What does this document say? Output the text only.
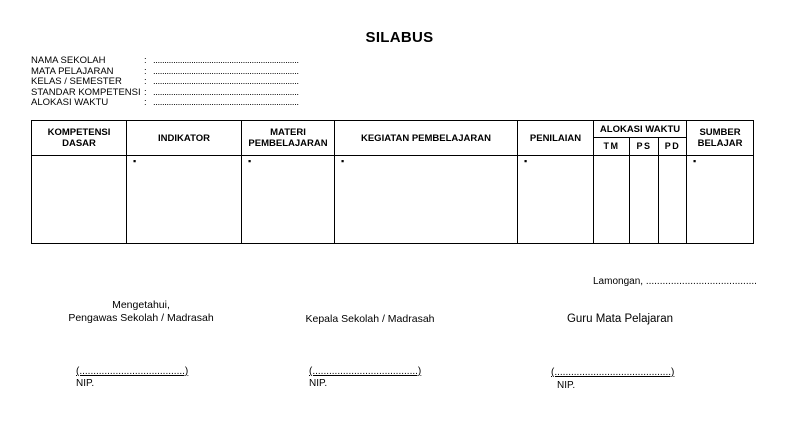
SILABUS
NAMA SEKOLAH	: .................................................................
MATA PELAJARAN	: .................................................................
KELAS / SEMESTER : .................................................................
STANDAR KOMPETENSI : .................................................................
ALOKASI WAKTU	: .................................................................
KOMPETENSI DASAR	INDIKATOR	MATERI PEMBELAJARAN	KEGIATAN PEMBELAJARAN	PENILAIAN	ALOKASI WAKTU			SUMBER BELAJAR
					TM	PS	PD	
	▪	▪	▪	▪				▪
Lamongan, ........................................
Mengetahui,
Pengawas Sekolah / Madrasah	Kepala Sekolah / Madrasah	Guru Mata Pelajaran
(......................................)
NIP.
(......................................)
NIP.
(..........................................)
NIP.
